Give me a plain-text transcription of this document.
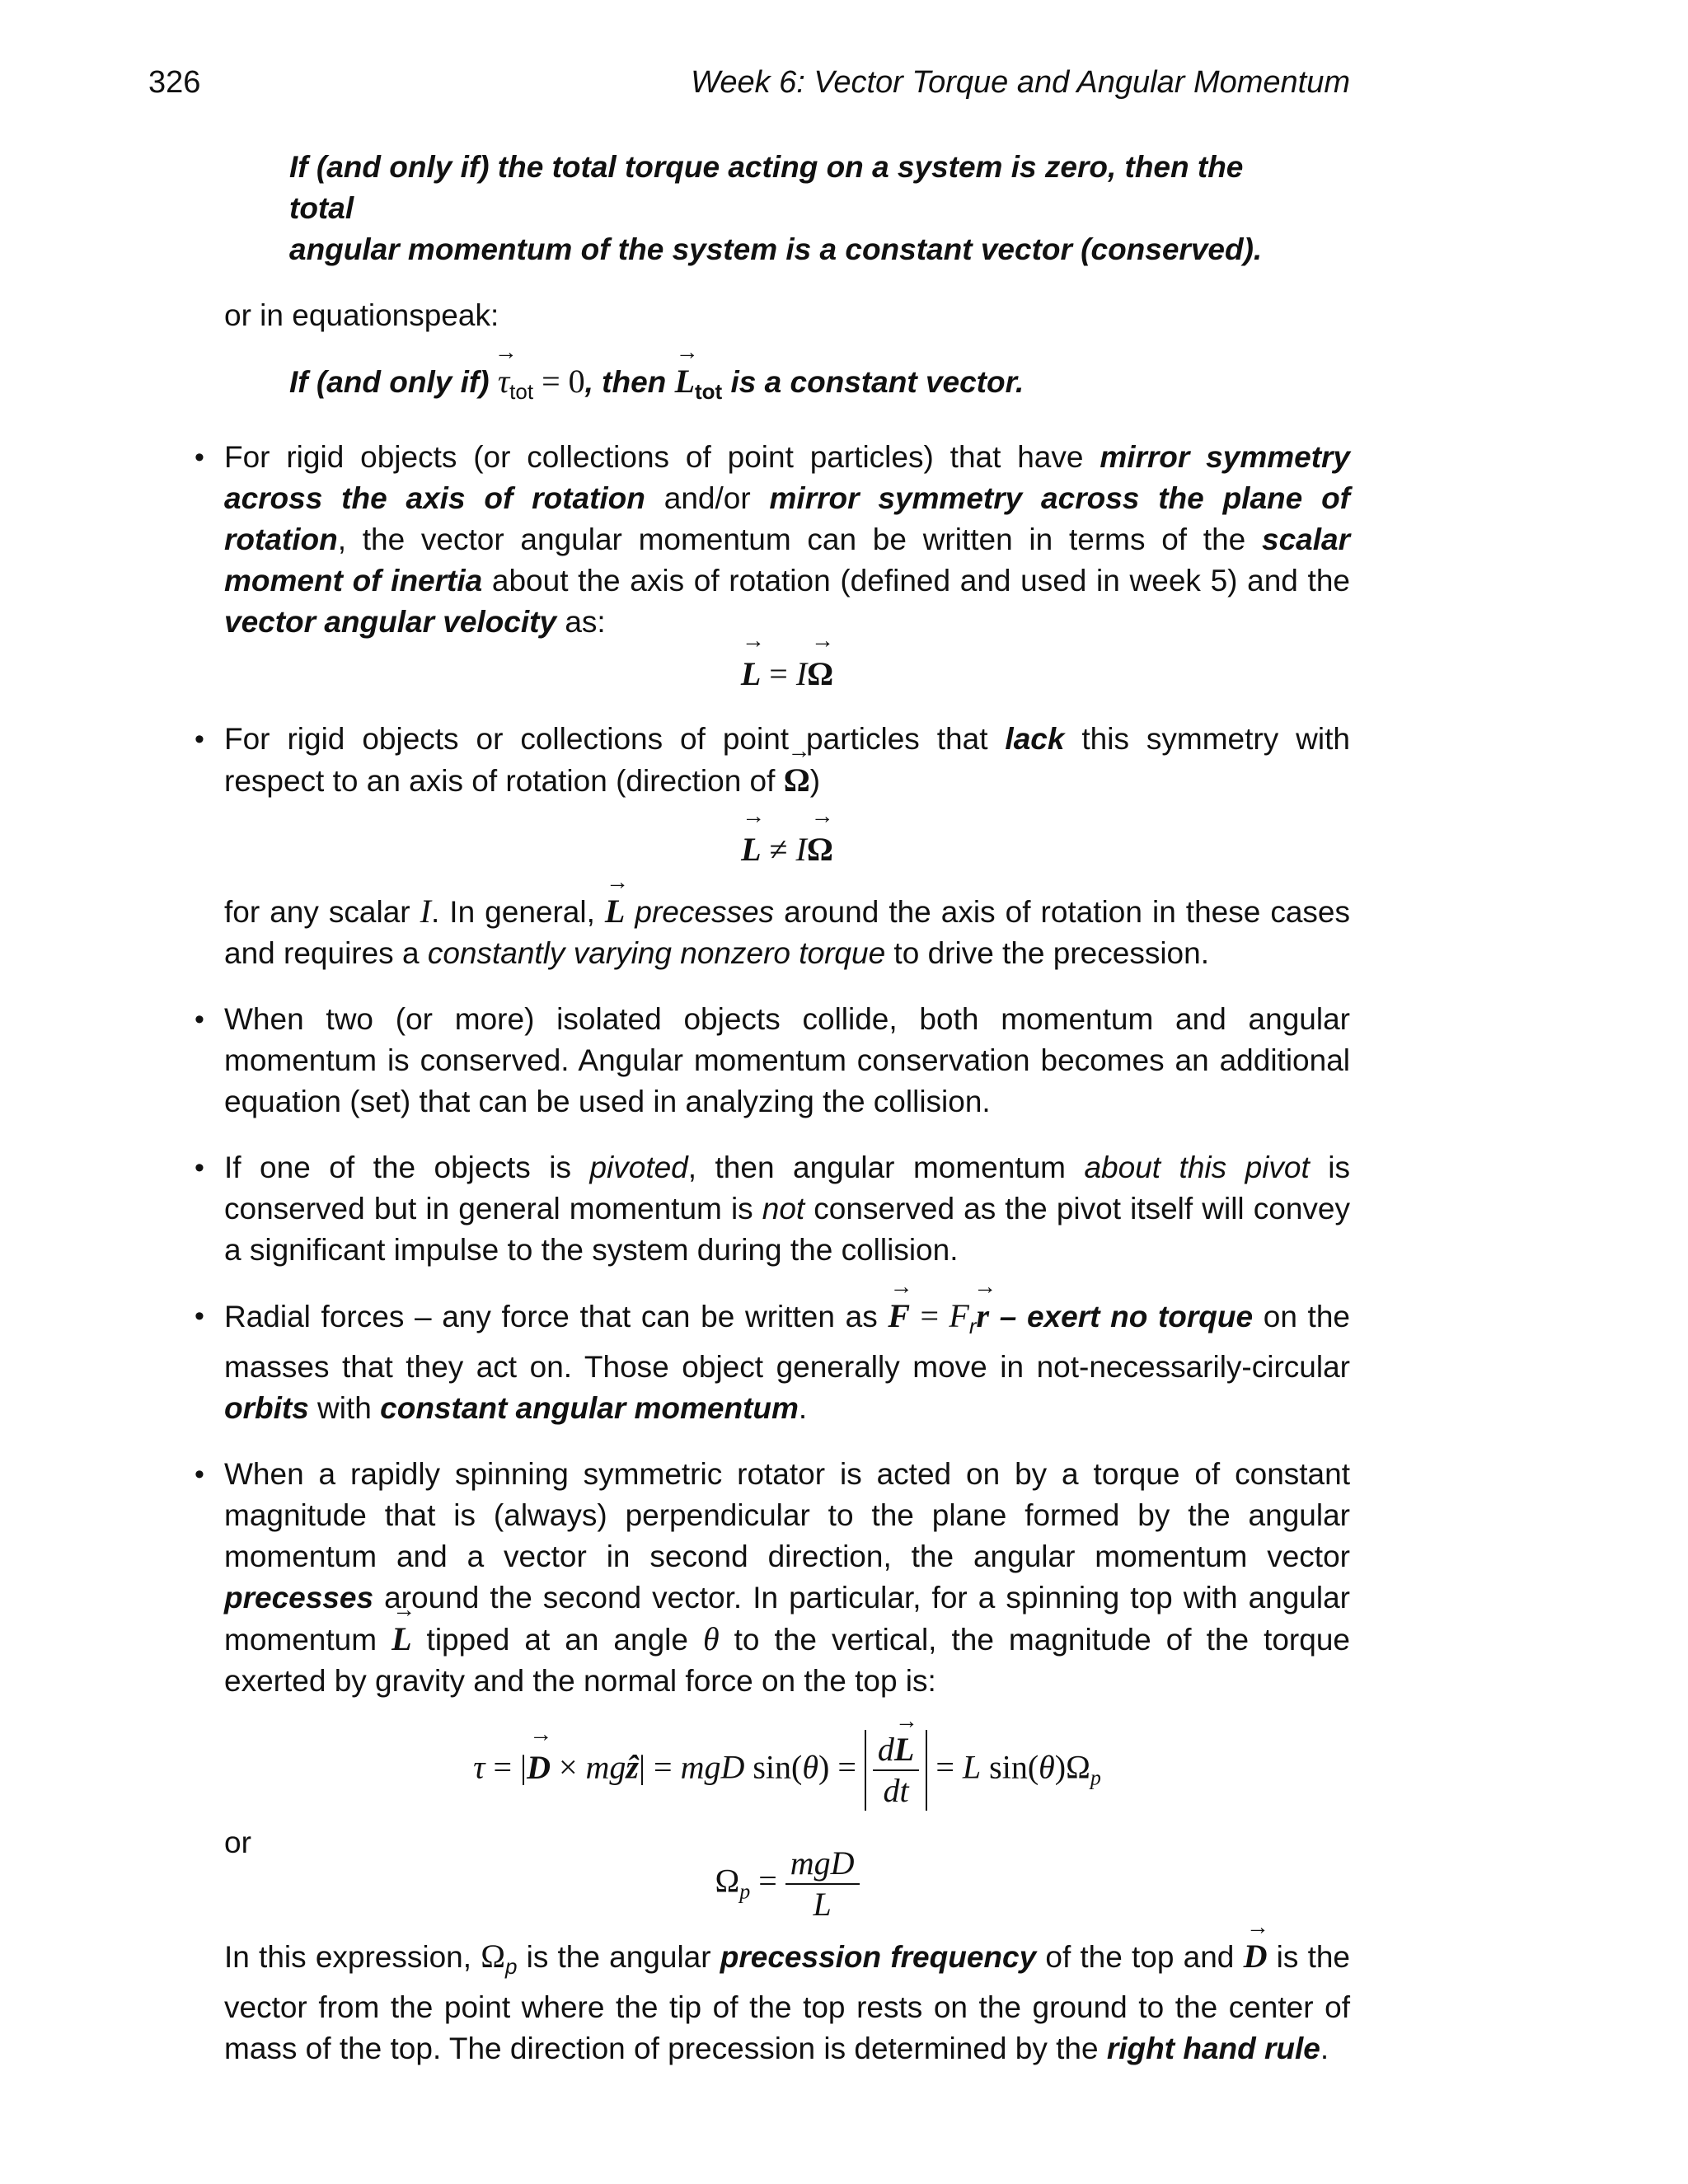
326	Week 6: Vector Torque and Angular Momentum
If (and only if) the total torque acting on a system is zero, then the total
angular momentum of the system is a constant vector (conserved).

or in equationspeak:

If (and only $if) \to \tau_{tot} = 0$, then → $L_{tot}$ is a constant vector.
• For rigid objects (or collections of point particles) that have mirror symmetry across the axis of rotation and/or mirror symmetry across the plane of rotation, the vector angular momentum can be written in terms of the scalar moment of inertia about the axis of rotation (defined and used in week 5) and the vector angular velocity as:

→ L = I→ Ω
• For rigid objects or collections of point particles that lack this symmetry with respect to an axis of rotation (direction of → Ω)

→ L ≠ I→ Ω

for any scalar I. In general, → L precesses around the axis of rotation in these cases and requires a constantly varying nonzero torque to drive the precession.

• When two (or more) isolated objects collide, both momentum and angular momentum is conserved. Angular momentum conservation becomes an additional equation (set) that can be used in analyzing the collision.

• If one of the objects is pivoted, then angular momentum about this pivot is conserved but in general momentum is not conserved as the pivot itself will convey a significant impulse to the system during the collision.

• Radial forces – any force that can be written as → $F = F_r\to r$ – exert no torque on the masses that they act on. Those object generally move in not-necessarily-circular orbits with constant angular momentum.

• When a rapidly spinning symmetric rotator is acted on by a torque of constant magnitude that is (always) perpendicular to the plane formed by the angular momentum and a vector in second direction, the angular momentum vector precesses around the second vector. In particular, for a spinning top with angular momentum → L tipped at an angle θ to the vertical, the magnitude of the torque exerted by gravity and the normal force on the top is:

τ = |→ D × mgẑ| = mgD $\sin(\theta) = \frac{d\to L}{dt} = L$ sin(θ)Ωp

or

$\Omega p = \frac{\text{mgD}}{L}$

In this expression, $\Omega_p$ is the angular precession frequency of the top and → D is the vector from the point where the tip of the top rests on the ground to the center of mass of the top. The direction of precession is determined by the right hand rule.
